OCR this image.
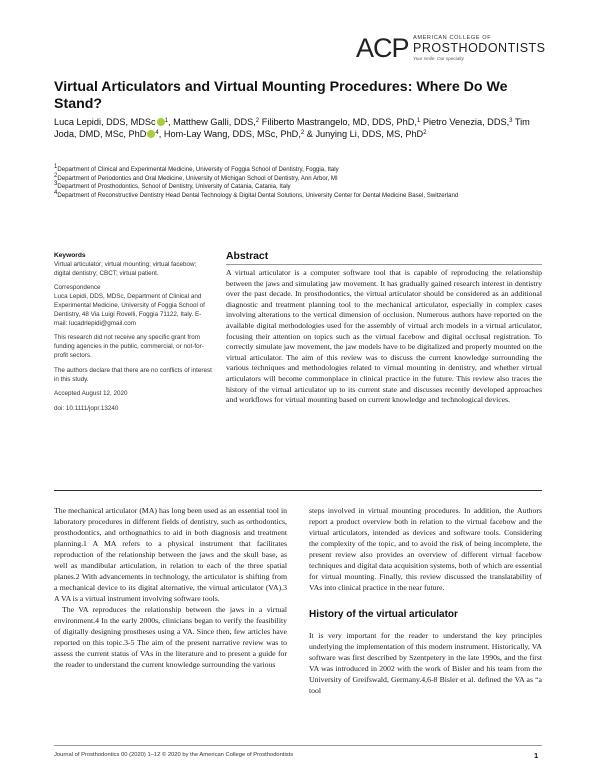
ACP AMERICAN COLLEGE OF
PROSTHODONTISTS
Your smile. Our specialty.
Virtual Articulators and Virtual Mounting Procedures: Where Do We Stand?
Luca Lepidi, DDS, MDSc $^1$, Matthew Galli, DDS,$^2$ Filiberto Mastrangelo, MD, DDS, PhD,$^1$ Pietro Venezia, DDS,$^3$ Tim Joda, DMD, MSc, PhD $^4$, Hom-Lay Wang, DDS, MSc, PhD,$^2$ & Junying Li, DDS, MS, PhD$^2$
$^1$Department of Clinical and Experimental Medicine, University of Foggia School of Dentistry, Foggia, Italy
$^2$Department of Periodontics and Oral Medicine, University of Michigan School of Dentistry, Ann Arbor, MI
$^3$Department of Prosthodontics, School of Dentistry, University of Catania, Catania, Italy
$^4$Department of Reconstructive Dentistry Head Dental Technology & Digital Dental Solutions, University Center for Dental Medicine Basel, Switzerland
Keywords
Virtual articulator; virtual mounting; virtual facebow; digital dentistry; CBCT; virtual patient.
Correspondence
Luca Lepidi, DDS, MDSc, Department of Clinical and Experimental Medicine, University of Foggia School of Dentistry, 48 Via Luigi Rovelli, Foggia 71122, Italy. E-mail: lucadrlepidi@gmail.com
This research did not receive any specific grant from funding agencies in the public, commercial, or not-for-profit sectors.
The authors declare that there are no conflicts of interest in this study.
Accepted August 12, 2020
doi: 10.1111/jopr.13240
Abstract
A virtual articulator is a computer software tool that is capable of reproducing the relationship between the jaws and simulating jaw movement. It has gradually gained research interest in dentistry over the past decade. In prosthodontics, the virtual articulator should be considered as an additional diagnostic and treatment planning tool to the mechanical articulator, especially in complex cases involving alterations to the vertical dimension of occlusion. Numerous authors have reported on the available digital methodologies used for the assembly of virtual arch models in a virtual articulator, focusing their attention on topics such as the virtual facebow and digital occlusal registration. To correctly simulate jaw movement, the jaw models have to be digitalized and properly mounted on the virtual articulator. The aim of this review was to discuss the current knowledge surrounding the various techniques and methodologies related to virtual mounting in dentistry, and whether virtual articulators will become commonplace in clinical practice in the future. This review also traces the history of the virtual articulator up to its current state and discusses recently developed approaches and workflows for virtual mounting based on current knowledge and technological devices.

The mechanical articulator (MA) has long been used as an essential tool in laboratory procedures in different fields of dentistry, such as orthodontics, prosthodontics, and orthognathics to aid in both diagnosis and treatment planning.1 A MA refers to a physical instrument that facilitates reproduction of the relationship between the jaws and the skull base, as well as mandibular articulation, in relation to each of the three spatial planes.2 With advancements in technology, the articulator is shifting from a mechanical device to its digital alternative, the virtual articulator (VA).3 A VA is a virtual instrument involving software tools.

The VA reproduces the relationship between the jaws in a virtual environment.4 In the early 2000s, clinicians began to verify the feasibility of digitally designing prostheses using a VA. Since then, few articles have reported on this topic.3-5 The aim of the present narrative review was to assess the current status of VAs in the literature and to present a guide for the reader to understand the current knowledge surrounding the various

steps involved in virtual mounting procedures. In addition, the Authors report a product overview both in relation to the virtual facebow and the virtual articulators, intended as devices and software tools. Considering the complexity of the topic, and to avoid the risk of being incomplete, the present review also provides an overview of different virtual facebow techniques and digital data acquisition systems, both of which are essential for virtual mounting. Finally, this review discussed the translatability of VAs into clinical practice in the near future.

History of the virtual articulator

It is very important for the reader to understand the key principles underlying the implementation of this modern instrument. Historically, VA software was first described by Szentpetery in the late 1990s, and the first VA was introduced in 2002 with the work of Bisler and his team from the University of Greifswald, Germany.4,6-8 Bisler et al. defined the VA as “a tool

Journal of Prosthodontics 00 (2020) 1–12 © 2020 by the American College of Prosthodontists	1
